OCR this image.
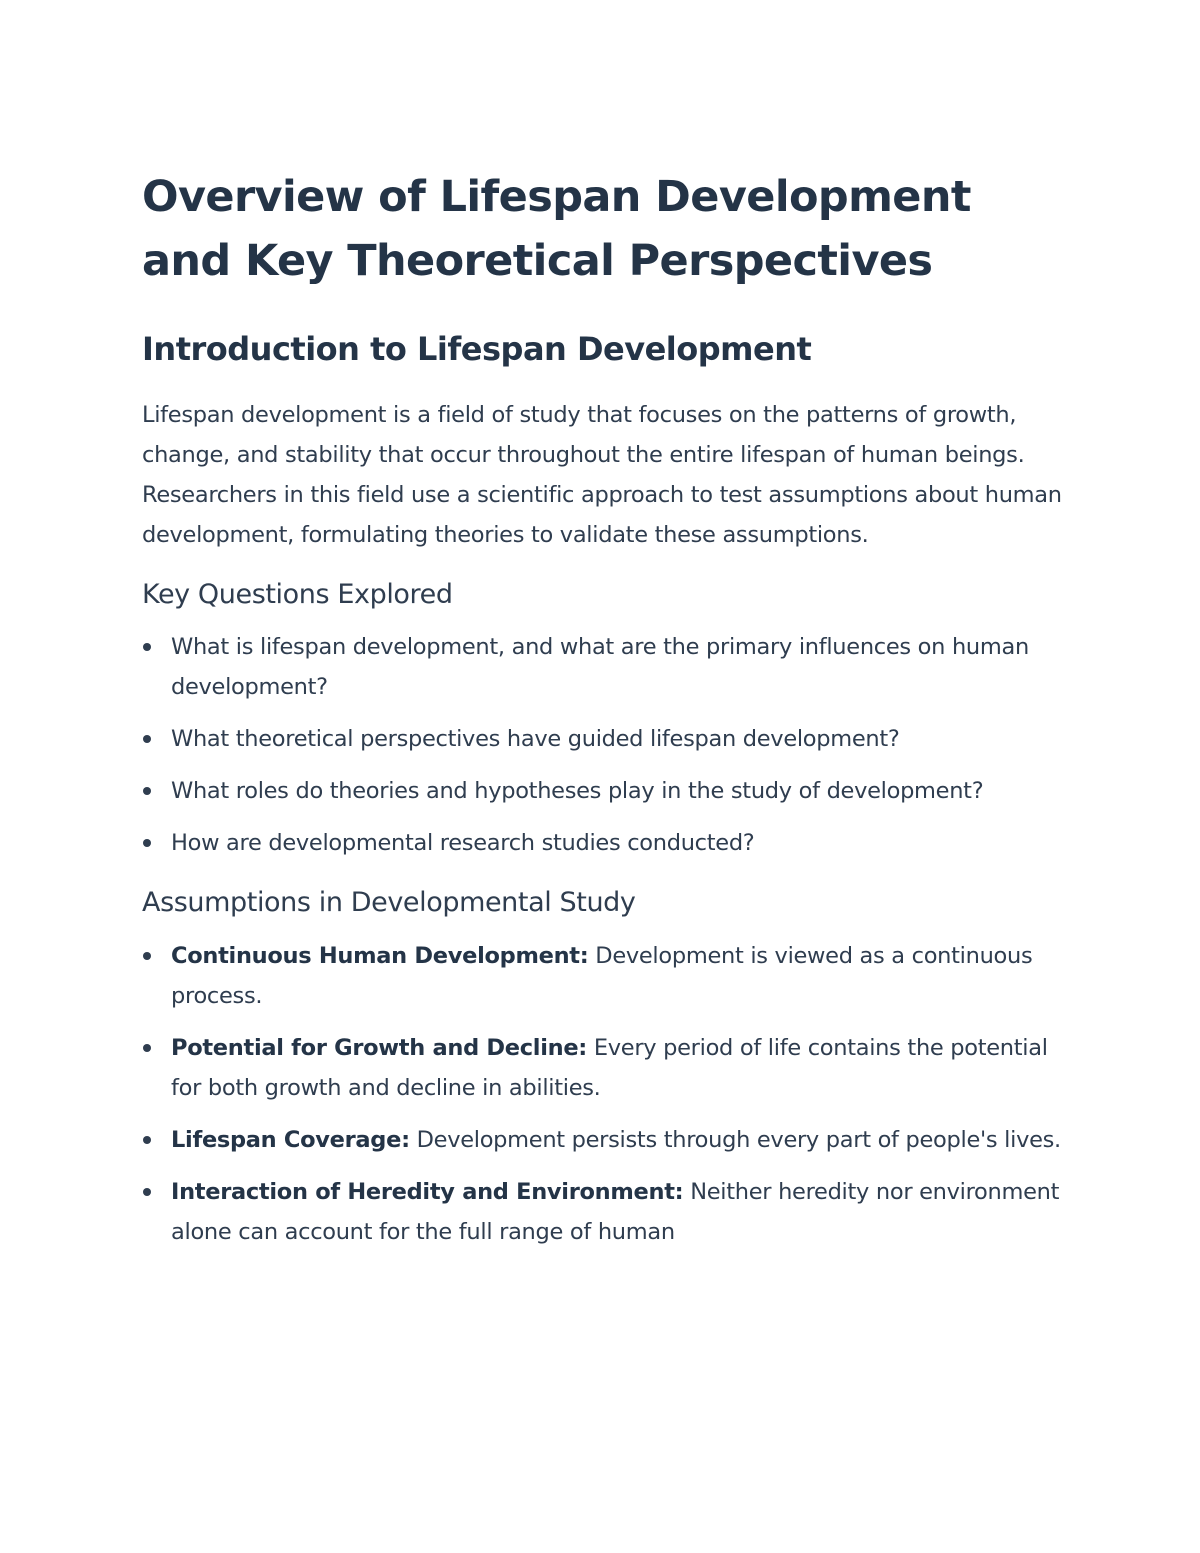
Overview of Lifespan Development and Key Theoretical Perspectives
Introduction to Lifespan Development

Lifespan development is a field of study that focuses on the patterns of growth, change, and stability that occur throughout the entire lifespan of human beings. Researchers in this field use a scientific approach to test assumptions about human development, formulating theories to validate these assumptions.

Key Questions Explored
What is lifespan development, and what are the primary influences on human development?
What theoretical perspectives have guided lifespan development?
What roles do theories and hypotheses play in the study of development?
How are developmental research studies conducted?
Assumptions in Developmental Study
Continuous Human Development: Development is viewed as a continuous process.
Potential for Growth and Decline: Every period of life contains the potential for both growth and decline in abilities.
Lifespan Coverage: Development persists through every part of people's lives.
Interaction of Heredity and Environment: Neither heredity nor environment alone can account for the full range of human
